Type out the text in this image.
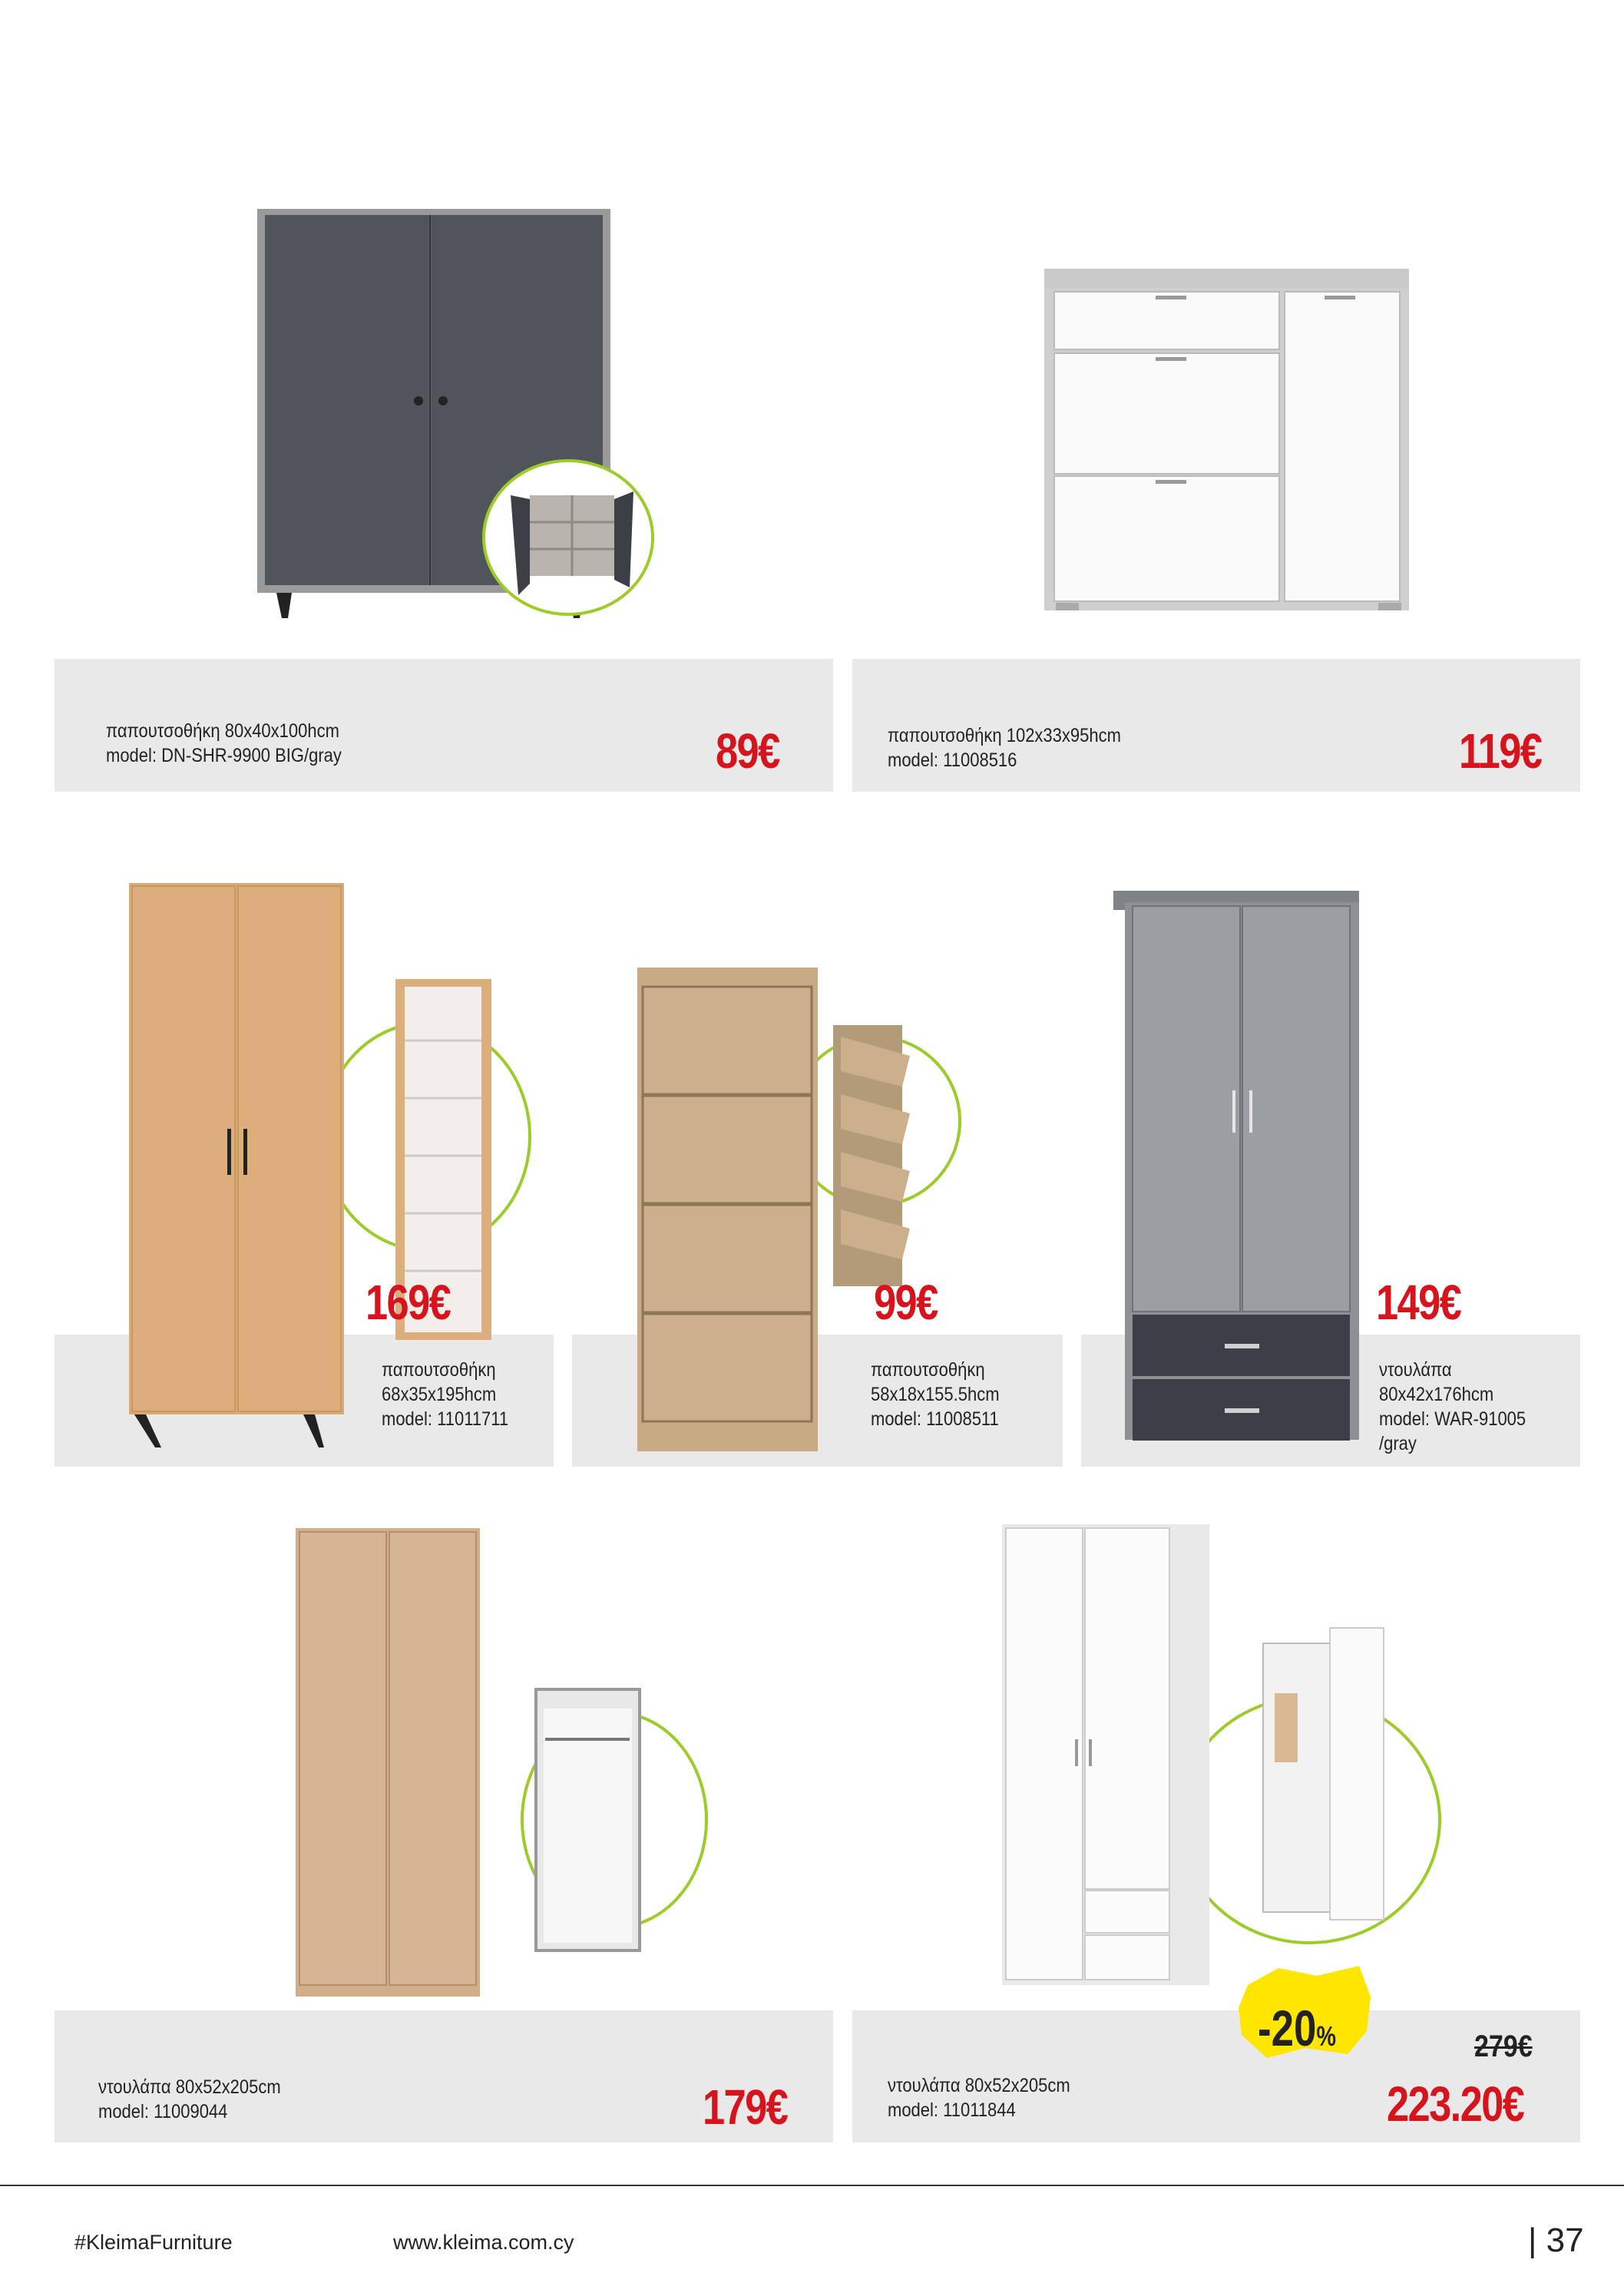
παπουτσοθήκη 80x40x100hcm
model: DN-SHR-9900 BIG/gray	89€	παπουτσοθήκη 102x33x95hcm
model: 11008516	119€
169€
παπουτσοθήκη
68x35x195hcm
model: 11011711
99€
παπουτσοθήκη
58x18x155.5hcm
model: 11008511
149€
ντουλάπα
80x42x176hcm
model: WAR-91005
/gray
ντουλάπα 80x52x205cm
model: 11009044	179€	ντουλάπα 80x52x205cm
model: 11011844
-20%	279€
223.20€
#KleimaFurniture	www.kleima.com.cy	| 37
